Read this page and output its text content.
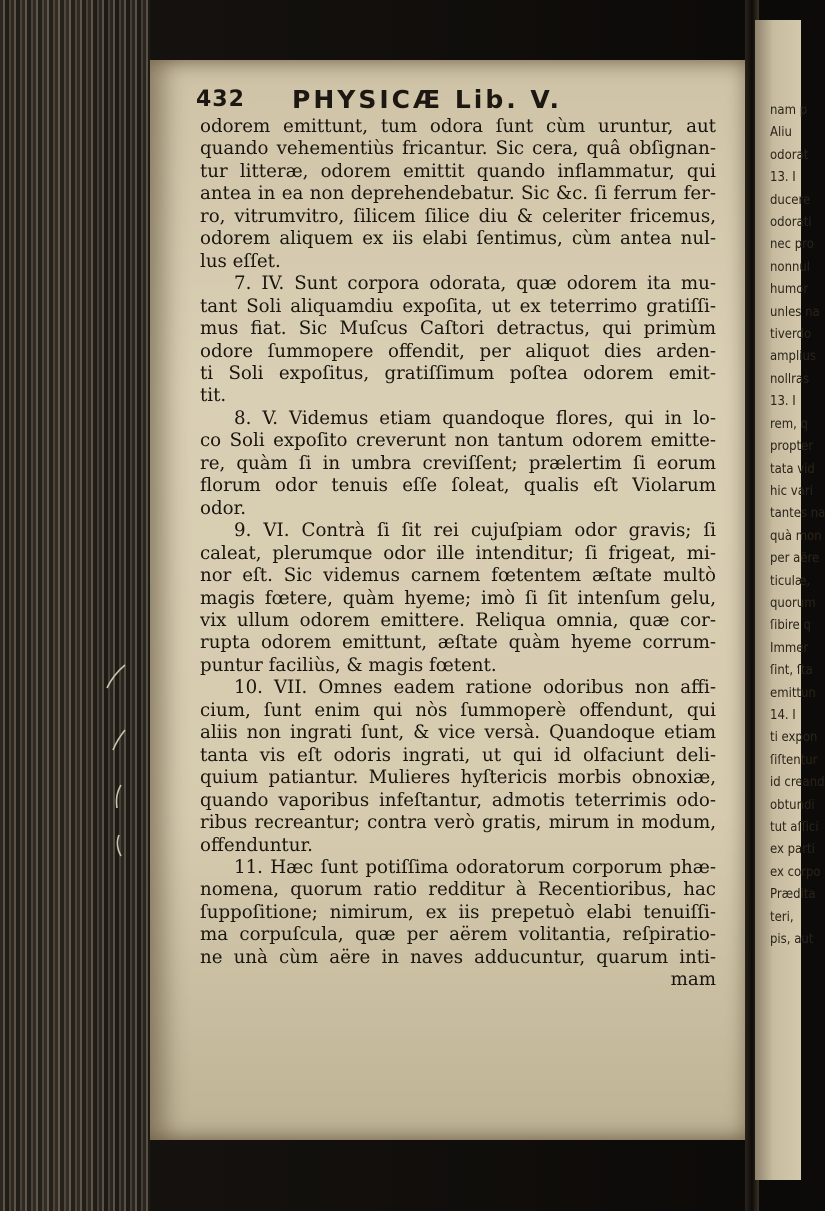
432 PHYSICÆ Lib. V.
odorem emittunt, tum odora ſunt cùm uruntur, aut
quando vehementiùs fricantur. Sic cera, quâ obſignan-
tur litteræ, odorem emittit quando inflammatur, qui
antea in ea non deprehendebatur. Sic &c. ſi ferrum fer-
ro, vitrumvitro, ſilicem ſilice diu & celeriter fricemus,
odorem aliquem ex iis elabi ſentimus, cùm antea nul-
lus eſſet.
7. IV. Sunt corpora odorata, quæ odorem ita mu-
tant Soli aliquamdiu expoſita, ut ex teterrimo gratiſſi-
mus fiat. Sic Muſcus Caſtori detractus, qui primùm
odore ſummopere offendit, per aliquot dies arden-
ti Soli expoſitus, gratiſſimum poſtea odorem emit-
tit.
8. V. Videmus etiam quandoque flores, qui in lo-
co Soli expoſito creverunt non tantum odorem emitte-
re, quàm ſi in umbra creviſſent; prælertim ſi eorum
florum odor tenuis eſſe ſoleat, qualis eſt Violarum
odor.
9. VI. Contrà ſi ſit rei cujuſpiam odor gravis; ſi
caleat, plerumque odor ille intenditur; ſi frigeat, mi-
nor eſt. Sic videmus carnem fœtentem æſtate multò
magis fœtere, quàm hyeme; imò ſi ſit intenſum gelu,
vix ullum odorem emittere. Reliqua omnia, quæ cor-
rupta odorem emittunt, æſtate quàm hyeme corrum-
puntur faciliùs, & magis fœtent.
10. VII. Omnes eadem ratione odoribus non affi-
cium, ſunt enim qui nòs ſummoperè offendunt, qui
aliis non ingrati ſunt, & vice versà. Quandoque etiam
tanta vis eſt odoris ingrati, ut qui id olfaciunt deli-
quium patiantur. Mulieres hyſtericis morbis obnoxiæ,
quando vaporibus infeſtantur, admotis teterrimis odo-
ribus recreantur; contra verò gratis, mirum in modum,
offenduntur.
11. Hæc ſunt potiſſima odoratorum corporum phæ-
nomena, quorum ratio redditur à Recentioribus, hac
ſuppoſitione; nimirum, ex iis prepetuò elabi tenuiſſi-
ma corpuſcula, quæ per aërem volitantia, reſpiratio-
ne unà cùm aëre in naves adducuntur, quarum inti-
mam
nam p
Aliu
odorat
13. I
ducere
odorati
nec pro
nonnul
humor
unles na
tiverdo
amplius
nollras
13. I
rem, q
propter
tata vid
hic vari
tantes na
quà mon
per aëre
ticulæ,
quorum
ſibire q
Immer
ſint, ſta
emittun
14. I
ti expon
ſiſtentur
id creand
obtundi
tut aſſici
ex parti
ex corpo
Prædita
teri,
pis, aut
